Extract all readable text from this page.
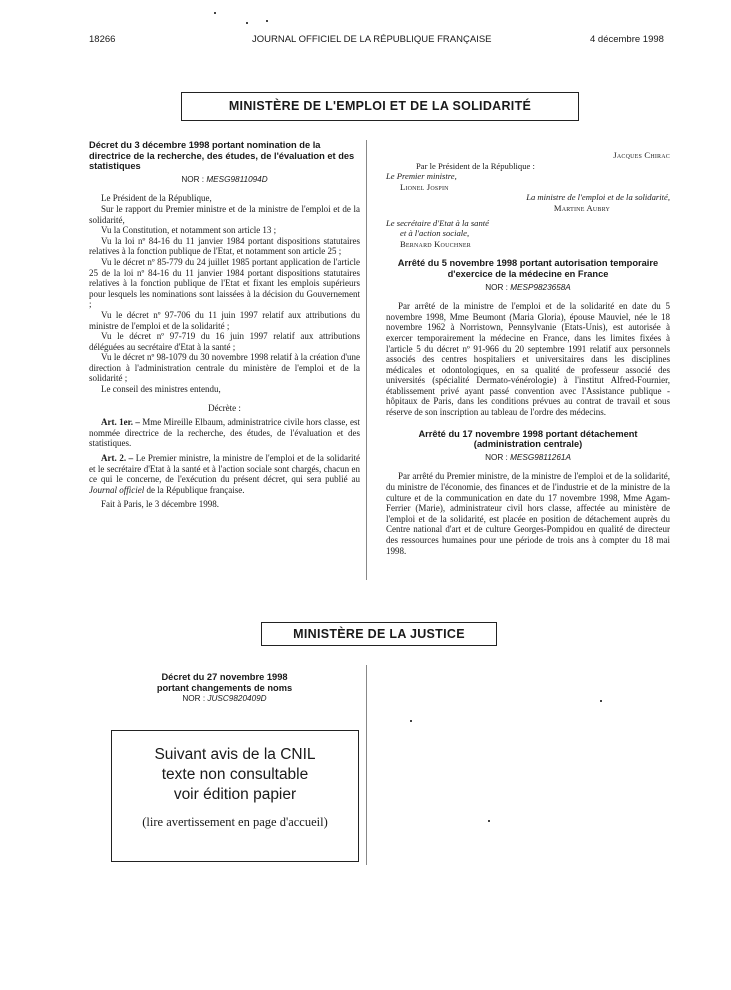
18266	JOURNAL OFFICIEL DE LA RÉPUBLIQUE FRANÇAISE	4 décembre 1998
MINISTÈRE DE L'EMPLOI ET DE LA SOLIDARITÉ
Décret du 3 décembre 1998 portant nomination de la directrice de la recherche, des études, de l'évaluation et des statistiques
NOR : MESG9811094D

Le Président de la République,

Sur le rapport du Premier ministre et de la ministre de l'emploi et de la solidarité,

Vu la Constitution, et notamment son article 13 ;

Vu la loi nº 84-16 du 11 janvier 1984 portant dispositions statutaires relatives à la fonction publique de l'Etat, et notamment son article 25 ;

Vu le décret nº 85-779 du 24 juillet 1985 portant application de l'article 25 de la loi nº 84-16 du 11 janvier 1984 portant dispositions statutaires relatives à la fonction publique de l'Etat et fixant les emplois supérieurs pour lesquels les nominations sont laissées à la décision du Gouvernement ;

Vu le décret nº 97-706 du 11 juin 1997 relatif aux attributions du ministre de l'emploi et de la solidarité ;

Vu le décret nº 97-719 du 16 juin 1997 relatif aux attributions déléguées au secrétaire d'Etat à la santé ;

Vu le décret nº 98-1079 du 30 novembre 1998 relatif à la création d'une direction à l'administration centrale du ministère de l'emploi et de la solidarité ;

Le conseil des ministres entendu,

Décrète :

Art. 1er. – Mme Mireille Elbaum, administratrice civile hors classe, est nommée directrice de la recherche, des études, de l'évaluation et des statistiques.

Art. 2. – Le Premier ministre, la ministre de l'emploi et de la solidarité et le secrétaire d'Etat à la santé et à l'action sociale sont chargés, chacun en ce qui le concerne, de l'exécution du présent décret, qui sera publié au Journal officiel de la République française.

Fait à Paris, le 3 décembre 1998.

Jacques Chirac
Par le Président de la République :
Le Premier ministre,
Lionel Jospin
La ministre de l'emploi et de la solidarité,
Martine Aubry
Le secrétaire d'Etat à la santé
et à l'action sociale,
Bernard Kouchner
Arrêté du 5 novembre 1998 portant autorisation temporaire d'exercice de la médecine en France
NOR : MESP9823658A

Par arrêté de la ministre de l'emploi et de la solidarité en date du 5 novembre 1998, Mme Beumont (Maria Gloria), épouse Mauviel, née le 18 novembre 1962 à Norristown, Pennsylvanie (Etats-Unis), est autorisée à exercer temporairement la médecine en France, dans les limites fixées à l'article 5 du décret nº 91-966 du 20 septembre 1991 relatif aux personnels associés des centres hospitaliers et universitaires dans les disciplines médicales et odontologiques, en sa qualité de professeur associé des universités (spécialité Dermato-vénérologie) à l'institut Alfred-Fournier, établissement privé ayant passé convention avec l'Assistance publique - hôpitaux de Paris, dans les conditions prévues au contrat de travail et sous réserve de son inscription au tableau de l'ordre des médecins.

Arrêté du 17 novembre 1998 portant détachement (administration centrale)
NOR : MESG9811261A

Par arrêté du Premier ministre, de la ministre de l'emploi et de la solidarité, du ministre de l'économie, des finances et de l'industrie et de la ministre de la culture et de la communication en date du 17 novembre 1998, Mme Agam-Ferrier (Marie), administrateur civil hors classe, affectée au ministère de l'emploi et de la solidarité, est placée en position de détachement auprès du Centre national d'art et de culture Georges-Pompidou en qualité de directeur des ressources humaines pour une période de trois ans à compter du 18 mai 1998.

MINISTÈRE DE LA JUSTICE
Décret du 27 novembre 1998
portant changements de noms
NOR : JUSC9820409D
Suivant avis de la CNIL
texte non consultable
voir édition papier
(lire avertissement en page d'accueil)
